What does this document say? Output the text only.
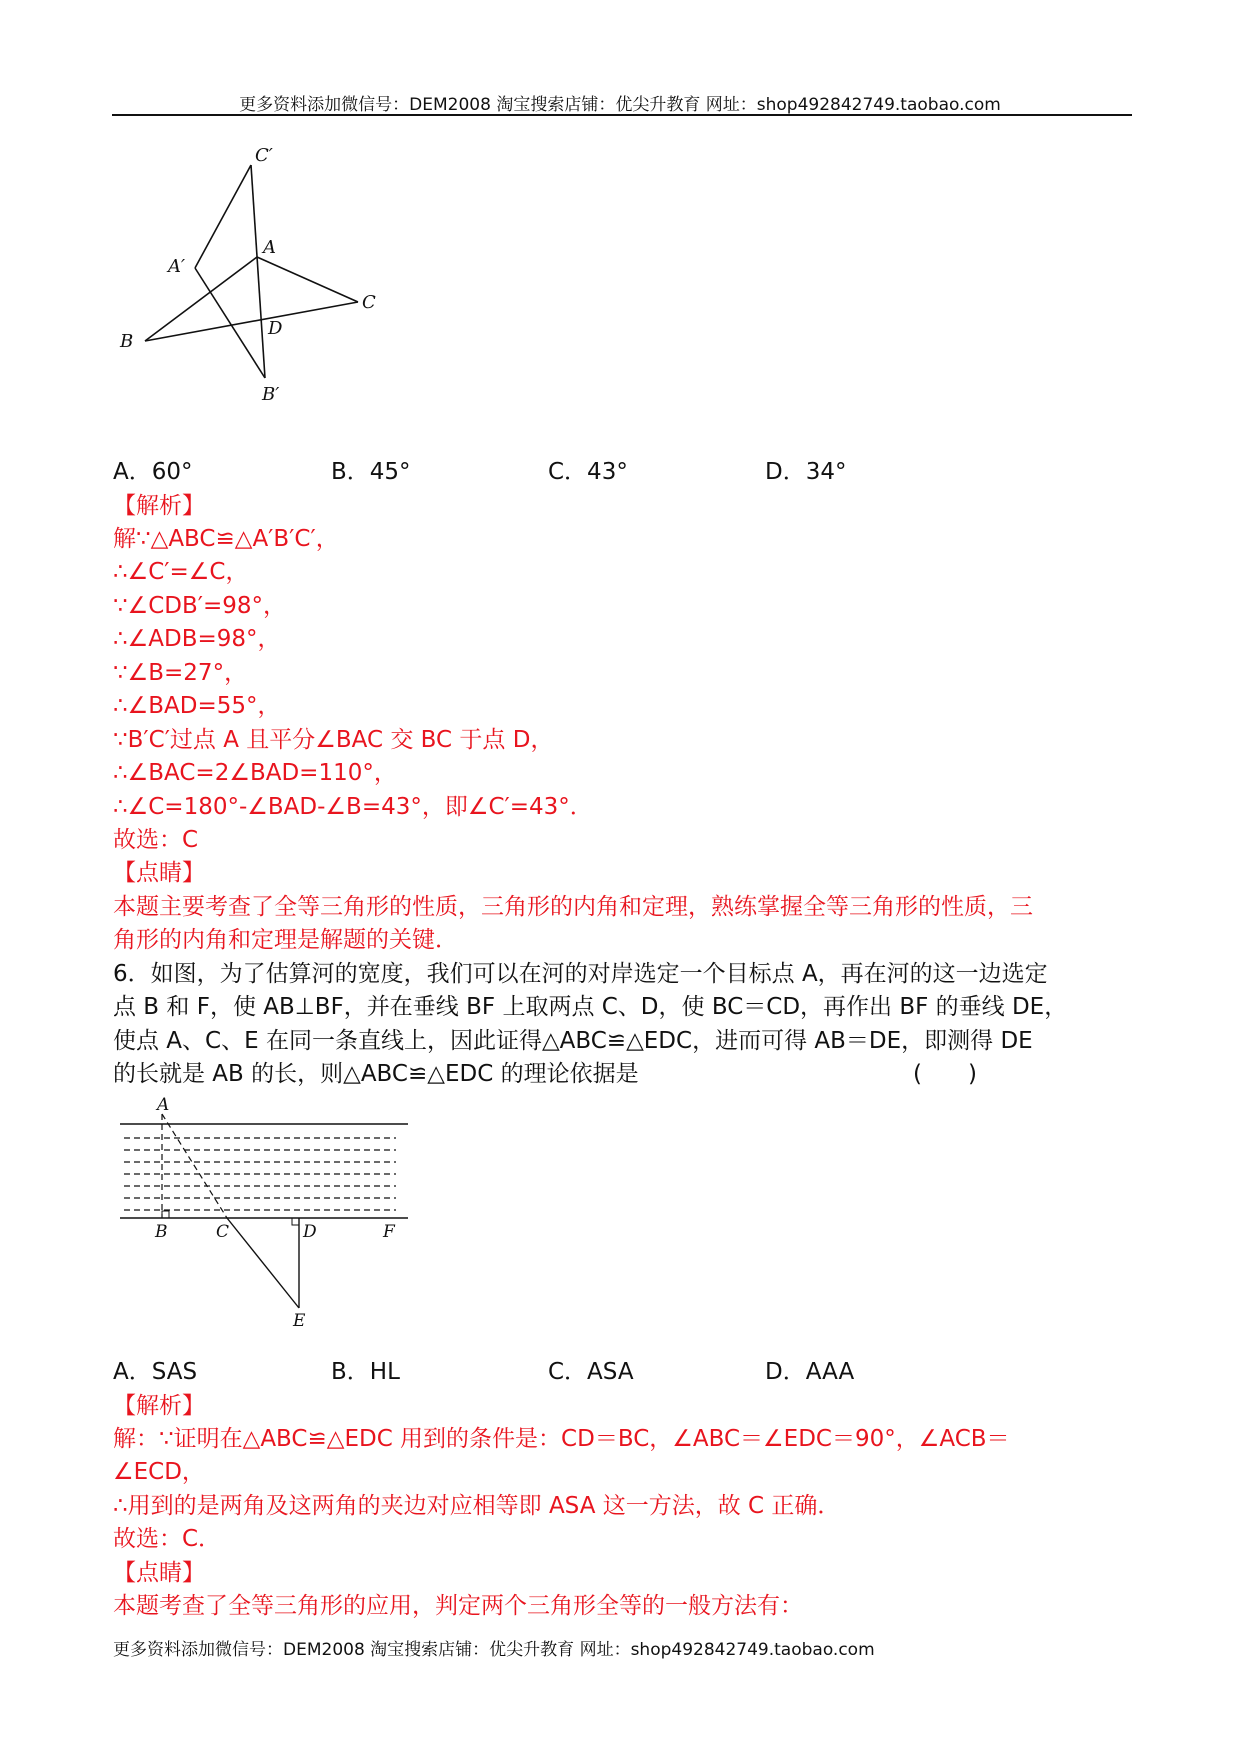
更多资料添加微信号：DEM2008 淘宝搜索店铺：优尖升教育 网址：shop492842749.taobao.com
C′
A′
A
C
B
D
B′
A．60°	B．45°	C．43°	D．34°
【解析】
解∵△ABC≌△A′B′C′，
∴∠C′=∠C，
∵∠CDB′=98°，
∴∠ADB=98°，
∵∠B=27°，
∴∠BAD=55°，
∵B′C′过点 A 且平分∠BAC 交 BC 于点 D，
∴∠BAC=2∠BAD=110°，
∴∠C=180°-∠BAD-∠B=43°，即∠C′=43°．
故选：C
【点睛】
本题主要考查了全等三角形的性质，三角形的内角和定理，熟练掌握全等三角形的性质，三
角形的内角和定理是解题的关键．
6．如图，为了估算河的宽度，我们可以在河的对岸选定一个目标点 A，再在河的这一边选定
点 B 和 F，使 AB⊥BF，并在垂线 BF 上取两点 C、D，使 BC＝CD，再作出 BF 的垂线 DE，
使点 A、C、E 在同一条直线上，因此证得△ABC≌△EDC，进而可得 AB＝DE，即测得 DE
的长就是 AB 的长，则△ABC≌△EDC 的理论依据是	(　　)
A
B	C	D	F
E
A．SAS	B．HL	C．ASA	D．AAA
【解析】
解：∵证明在△ABC≌△EDC 用到的条件是：CD＝BC，∠ABC＝∠EDC＝90°，∠ACB＝
∠ECD，
∴用到的是两角及这两角的夹边对应相等即 ASA 这一方法，故 C 正确．
故选：C．
【点睛】
本题考查了全等三角形的应用，判定两个三角形全等的一般方法有：
更多资料添加微信号：DEM2008 淘宝搜索店铺：优尖升教育 网址：shop492842749.taobao.com
